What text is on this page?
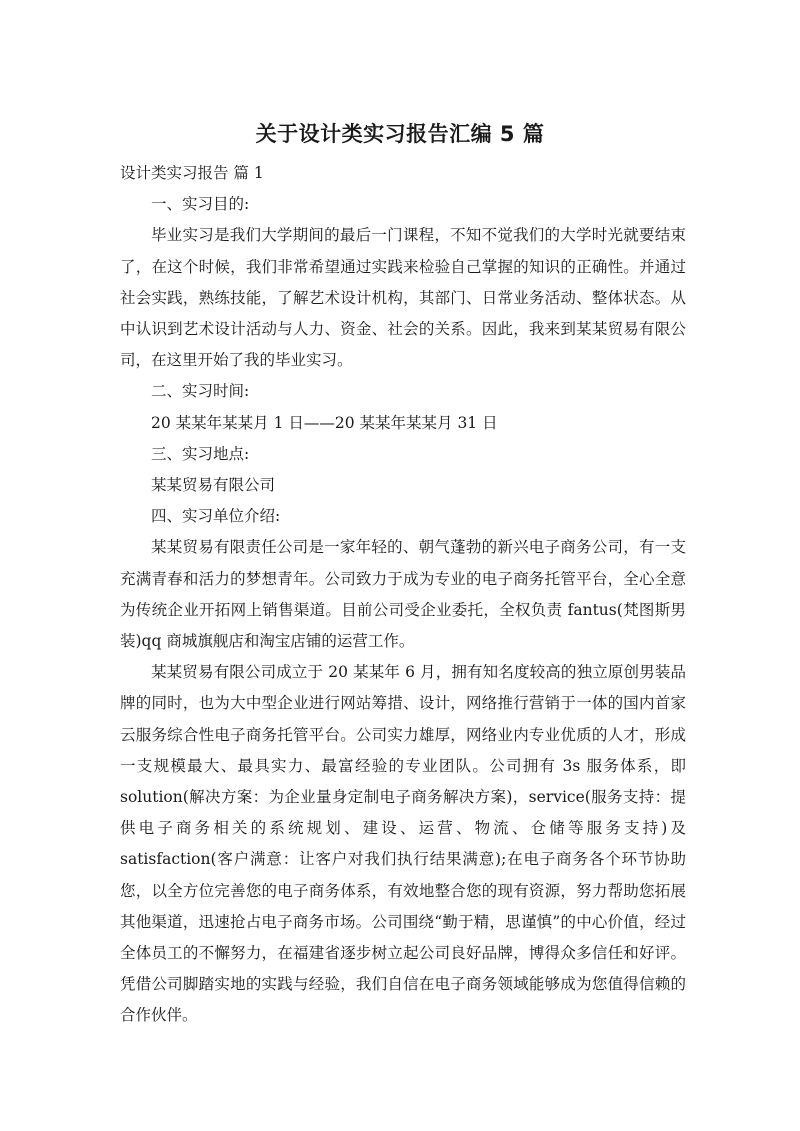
关于设计类实习报告汇编 5 篇

设计类实习报告 篇 1

一、实习目的:

毕业实习是我们大学期间的最后一门课程，不知不觉我们的大学时光就要结束了，在这个时候，我们非常希望通过实践来检验自己掌握的知识的正确性。并通过社会实践，熟练技能，了解艺术设计机构，其部门、日常业务活动、整体状态。从中认识到艺术设计活动与人力、资金、社会的关系。因此，我来到某某贸易有限公司，在这里开始了我的毕业实习。

二、实习时间:

20 某某年某某月 1 日——20 某某年某某月 31 日

三、实习地点:

某某贸易有限公司

四、实习单位介绍:

某某贸易有限责任公司是一家年轻的、朝气蓬勃的新兴电子商务公司，有一支充满青春和活力的梦想青年。公司致力于成为专业的电子商务托管平台，全心全意为传统企业开拓网上销售渠道。目前公司受企业委托，全权负责 fantus(梵图斯男装)qq 商城旗舰店和淘宝店铺的运营工作。

某某贸易有限公司成立于 20 某某年 6 月，拥有知名度较高的独立原创男装品牌的同时，也为大中型企业进行网站筹措、设计，网络推行营销于一体的国内首家云服务综合性电子商务托管平台。公司实力雄厚，网络业内专业优质的人才，形成一支规模最大、最具实力、最富经验的专业团队。公司拥有 3s 服务体系，即 solution(解决方案：为企业量身定制电子商务解决方案)，service(服务支持：提供电子商务相关的系统规划、建设、运营、物流、仓储等服务支持)及 satisfaction(客户满意：让客户对我们执行结果满意);在电子商务各个环节协助您，以全方位完善您的电子商务体系，有效地整合您的现有资源，努力帮助您拓展其他渠道，迅速抢占电子商务市场。公司围绕“勤于精，思谨慎”的中心价值，经过全体员工的不懈努力，在福建省逐步树立起公司良好品牌，博得众多信任和好评。凭借公司脚踏实地的实践与经验，我们自信在电子商务领域能够成为您值得信赖的合作伙伴。
